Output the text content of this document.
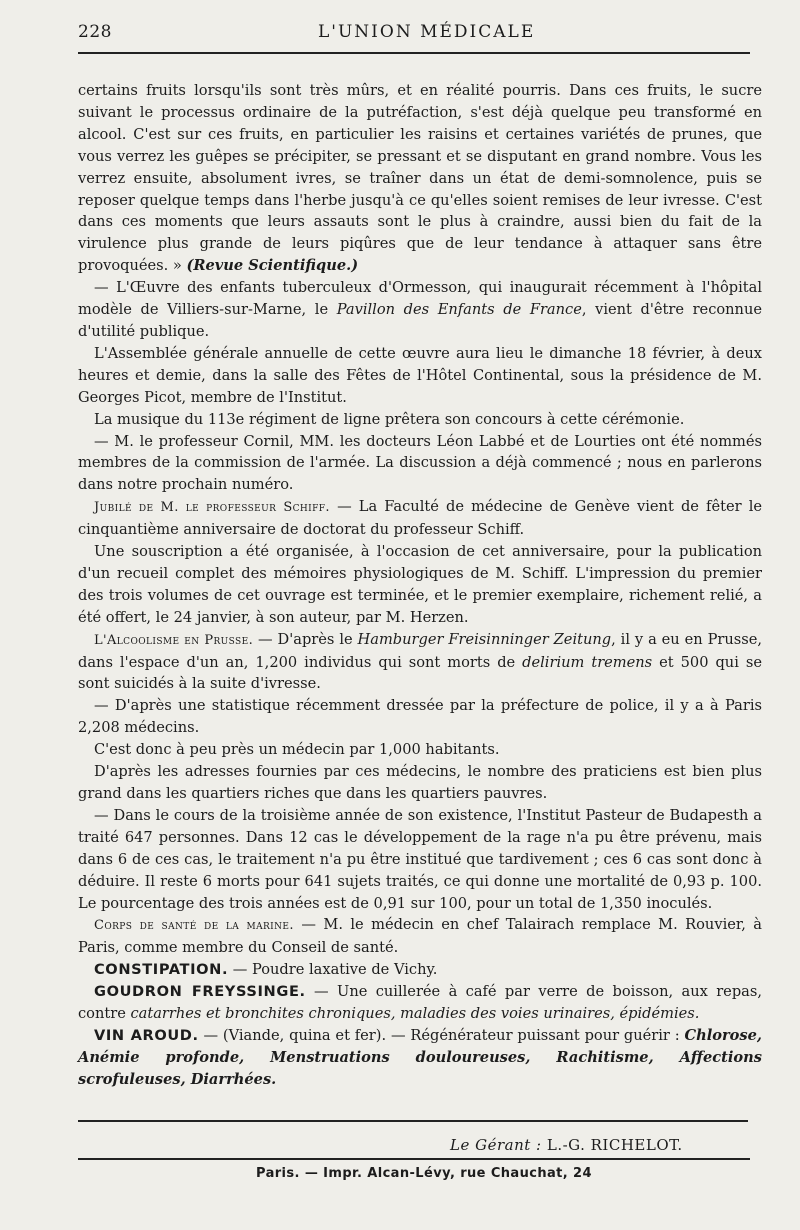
228	L'UNION MÉDICALE

certains fruits lorsqu'ils sont très mûrs, et en réalité pourris. Dans ces fruits, le sucre suivant le processus ordinaire de la putréfaction, s'est déjà quelque peu transformé en alcool. C'est sur ces fruits, en particulier les raisins et certaines variétés de prunes, que vous verrez les guêpes se précipiter, se pressant et se disputant en grand nombre. Vous les verrez ensuite, absolument ivres, se traîner dans un état de demi-somnolence, puis se reposer quelque temps dans l'herbe jusqu'à ce qu'elles soient remises de leur ivresse. C'est dans ces moments que leurs assauts sont le plus à craindre, aussi bien du fait de la virulence plus grande de leurs piqûres que de leur tendance à attaquer sans être provoquées. » (Revue Scientifique.)

— L'Œuvre des enfants tuberculeux d'Ormesson, qui inaugurait récemment à l'hôpital modèle de Villiers-sur-Marne, le Pavillon des Enfants de France, vient d'être reconnue d'utilité publique.

L'Assemblée générale annuelle de cette œuvre aura lieu le dimanche 18 février, à deux heures et demie, dans la salle des Fêtes de l'Hôtel Continental, sous la présidence de M. Georges Picot, membre de l'Institut.

La musique du 113e régiment de ligne prêtera son concours à cette cérémonie.

— M. le professeur Cornil, MM. les docteurs Léon Labbé et de Lourties ont été nommés membres de la commission de l'armée. La discussion a déjà commencé ; nous en parlerons dans notre prochain numéro.

Jubilé de M. le professeur Schiff. — La Faculté de médecine de Genève vient de fêter le cinquantième anniversaire de doctorat du professeur Schiff.

Une souscription a été organisée, à l'occasion de cet anniversaire, pour la publication d'un recueil complet des mémoires physiologiques de M. Schiff. L'impression du premier des trois volumes de cet ouvrage est terminée, et le premier exemplaire, richement relié, a été offert, le 24 janvier, à son auteur, par M. Herzen.

L'Alcoolisme en Prusse. — D'après le Hamburger Freisinninger Zeitung, il y a eu en Prusse, dans l'espace d'un an, 1,200 individus qui sont morts de delirium tremens et 500 qui se sont suicidés à la suite d'ivresse.

— D'après une statistique récemment dressée par la préfecture de police, il y a à Paris 2,208 médecins.

C'est donc à peu près un médecin par 1,000 habitants.

D'après les adresses fournies par ces médecins, le nombre des praticiens est bien plus grand dans les quartiers riches que dans les quartiers pauvres.

— Dans le cours de la troisième année de son existence, l'Institut Pasteur de Budapesth a traité 647 personnes. Dans 12 cas le développement de la rage n'a pu être prévenu, mais dans 6 de ces cas, le traitement n'a pu être institué que tardivement ; ces 6 cas sont donc à déduire. Il reste 6 morts pour 641 sujets traités, ce qui donne une mortalité de 0,93 p. 100. Le pourcentage des trois années est de 0,91 sur 100, pour un total de 1,350 inoculés.

Corps de santé de la marine. — M. le médecin en chef Talairach remplace M. Rouvier, à Paris, comme membre du Conseil de santé.

CONSTIPATION. — Poudre laxative de Vichy.

GOUDRON FREYSSINGE. — Une cuillerée à café par verre de boisson, aux repas, contre catarrhes et bronchites chroniques, maladies des voies urinaires, épidémies.

VIN AROUD. — (Viande, quina et fer). — Régénérateur puissant pour guérir : Chlorose, Anémie profonde, Menstruations douloureuses, Rachitisme, Affections scrofuleuses, Diarrhées.

Le Gérant : L.-G. RICHELOT.
Paris. — Impr. Alcan-Lévy, rue Chauchat, 24
